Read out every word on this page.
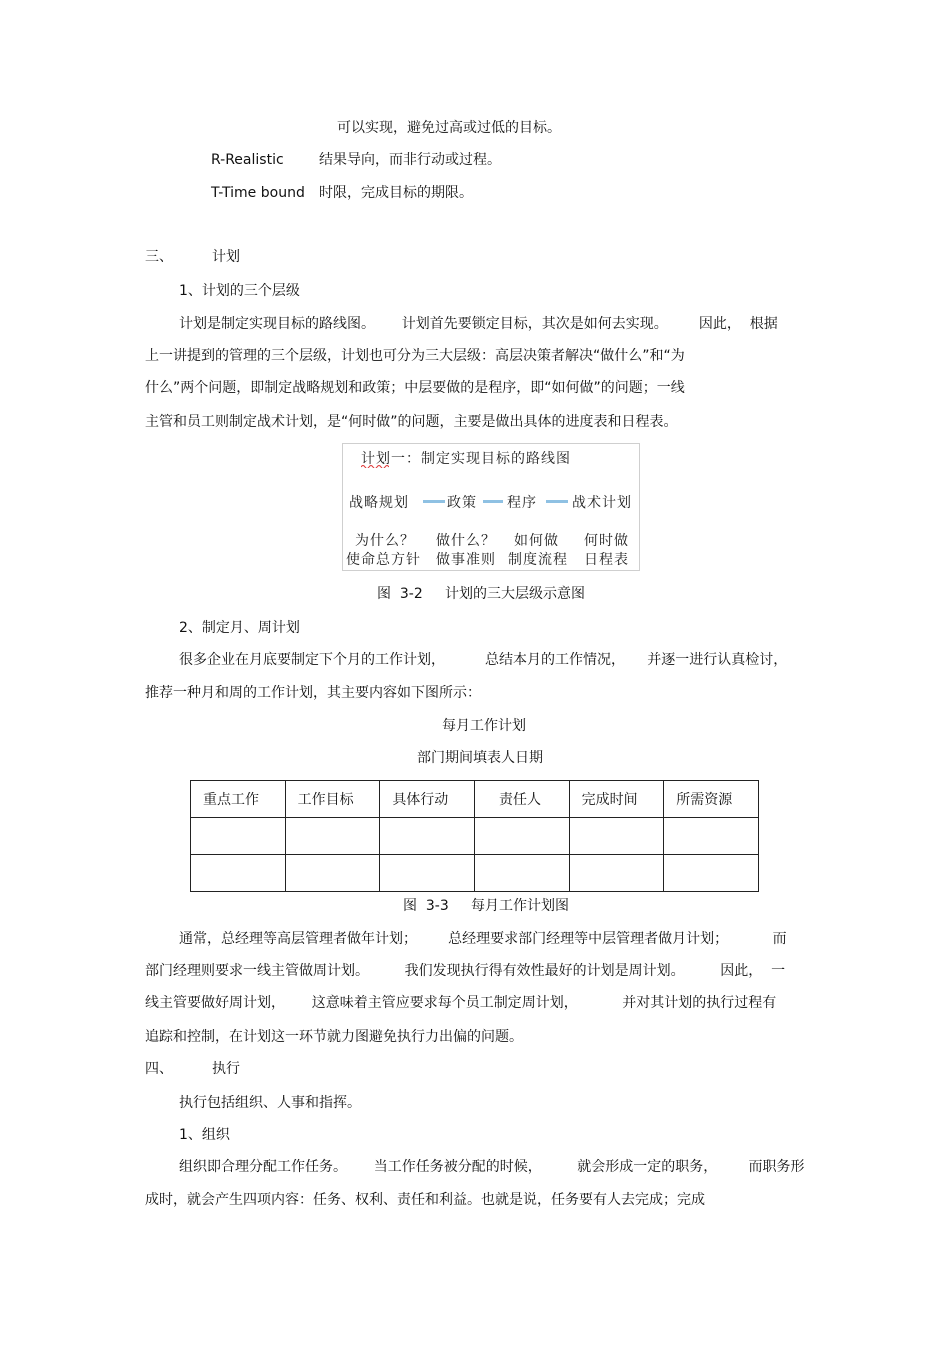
可以实现，避免过高或过低的目标。
R-Realistic	结果导向，而非行动或过程。
T-Time bound 时限，完成目标的期限。
三、	计划
1、计划的三个层级
计划是制定实现目标的路线图。      计划首先要锁定目标，其次是如何去实现。       因此，  根据
上一讲提到的管理的三个层级，计划也可分为三大层级：高层决策者解决“做什么”和“为
什么”两个问题，即制定战略规划和政策；中层要做的是程序，即“如何做”的问题；一线
主管和员工则制定战术计划，是“何时做”的问题，主要是做出具体的进度表和日程表。
计划一：制定实现目标的路线图
战略规划	政策 程序	战术计划
为什么？ 做什么？ 如何做 何时做
使命总方针 做事准则 制度流程 日程表
图  3-2     计划的三大层级示意图
2、制定月、周计划
很多企业在月底要制定下个月的工作计划，         总结本月的工作情况，     并逐一进行认真检讨，
推荐一种月和周的工作计划，其主要内容如下图所示：
每月工作计划
部门期间填表人日期
重点工作	工作目标	具体行动	责任人	完成时间	所需资源

图  3-3     每月工作计划图
通常，总经理等高层管理者做年计划；       总经理要求部门经理等中层管理者做月计划；          而
部门经理则要求一线主管做周计划。        我们发现执行得有效性最好的计划是周计划。        因此，  一
线主管要做好周计划，      这意味着主管应要求每个员工制定周计划，          并对其计划的执行过程有
追踪和控制，在计划这一环节就力图避免执行力出偏的问题。
四、	执行
执行包括组织、人事和指挥。
1、组织
组织即合理分配工作任务。      当工作任务被分配的时候，        就会形成一定的职务，       而职务形
成时，就会产生四项内容：任务、权利、责任和利益。也就是说，任务要有人去完成；完成
